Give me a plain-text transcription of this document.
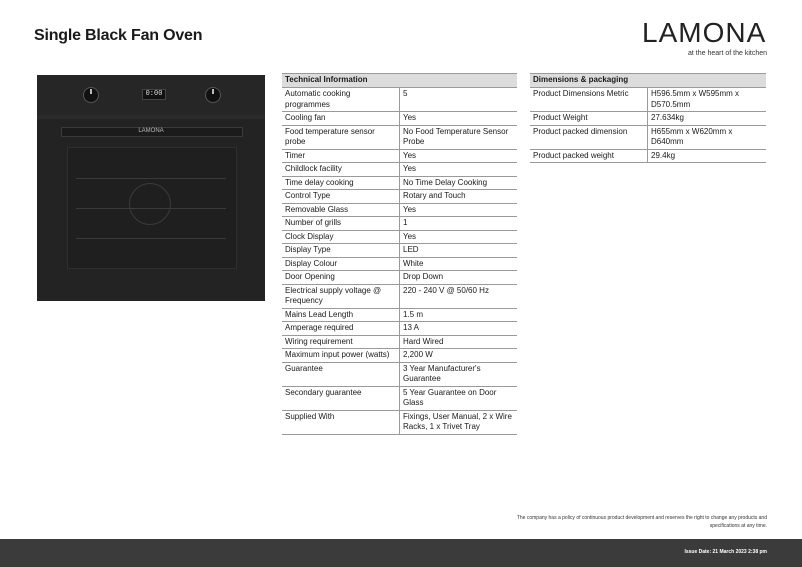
Single Black Fan Oven	LAMONA
at the heart of the kitchen
0:00
LAMONA
Technical Information	
Automatic cooking programmes	5
Cooling fan	Yes
Food temperature sensor probe	No Food Temperature Sensor Probe
Timer	Yes
Childlock facility	Yes
Time delay cooking	No Time Delay Cooking
Control Type	Rotary and Touch
Removable Glass	Yes
Number of grills	1
Clock Display	Yes
Display Type	LED
Display Colour	White
Door Opening	Drop Down
Electrical supply voltage @ Frequency	220 - 240 V @ 50/60 Hz
Mains Lead Length	1.5 m
Amperage required	13 A
Wiring requirement	Hard Wired
Maximum input power (watts)	2,200 W
Guarantee	3 Year Manufacturer's Guarantee
Secondary guarantee	5 Year Guarantee on Door Glass
Supplied With	Fixings, User Manual, 2 x Wire Racks, 1 x Trivet Tray
Dimensions & packaging	
Product Dimensions Metric	H596.5mm x W595mm x D570.5mm
Product Weight	27.634kg
Product packed dimension	H655mm x W620mm x D640mm
Product packed weight	29.4kg
The company has a policy of continuous product development and reserves the right to change any products and specifications at any time.
Issue Date: 21 March 2023 2:38 pm
